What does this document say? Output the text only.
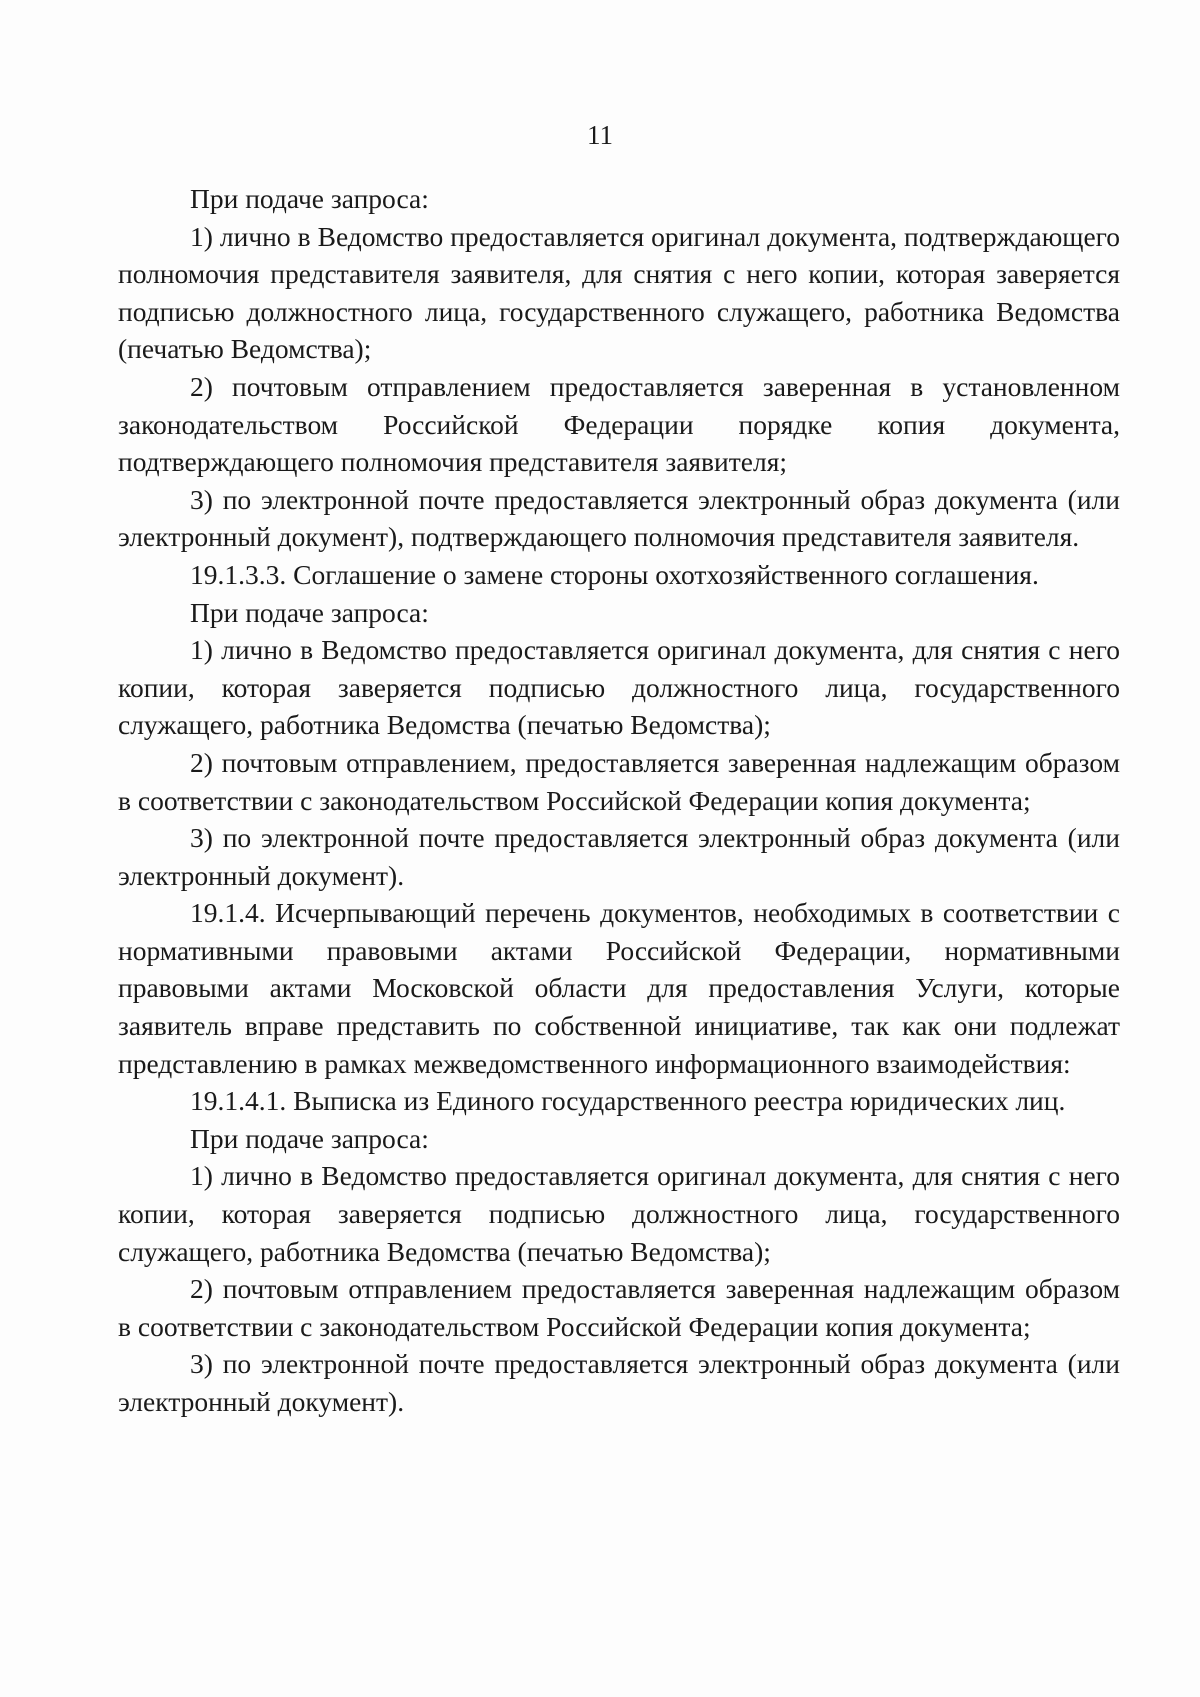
11

При подаче запроса:

1) лично в Ведомство предоставляется оригинал документа, подтверждающего полномочия представителя заявителя, для снятия с него копии, которая заверяется подписью должностного лица, государственного служащего, работника Ведомства (печатью Ведомства);

2) почтовым отправлением предоставляется заверенная в установленном законодательством Российской Федерации порядке копия документа, подтверждающего полномочия представителя заявителя;

3) по электронной почте предоставляется электронный образ документа (или электронный документ), подтверждающего полномочия представителя заявителя.

19.1.3.3. Соглашение о замене стороны охотхозяйственного соглашения.

При подаче запроса:

1) лично в Ведомство предоставляется оригинал документа, для снятия с него копии, которая заверяется подписью должностного лица, государственного служащего, работника Ведомства (печатью Ведомства);

2) почтовым отправлением, предоставляется заверенная надлежащим образом в соответствии с законодательством Российской Федерации копия документа;

3) по электронной почте предоставляется электронный образ документа (или электронный документ).

19.1.4. Исчерпывающий перечень документов, необходимых в соответствии с нормативными правовыми актами Российской Федерации, нормативными правовыми актами Московской области для предоставления Услуги, которые заявитель вправе представить по собственной инициативе, так как они подлежат представлению в рамках межведомственного информационного взаимодействия:

19.1.4.1. Выписка из Единого государственного реестра юридических лиц.

При подаче запроса:

1) лично в Ведомство предоставляется оригинал документа, для снятия с него копии, которая заверяется подписью должностного лица, государственного служащего, работника Ведомства (печатью Ведомства);

2) почтовым отправлением предоставляется заверенная надлежащим образом в соответствии с законодательством Российской Федерации копия документа;

3) по электронной почте предоставляется электронный образ документа (или электронный документ).
